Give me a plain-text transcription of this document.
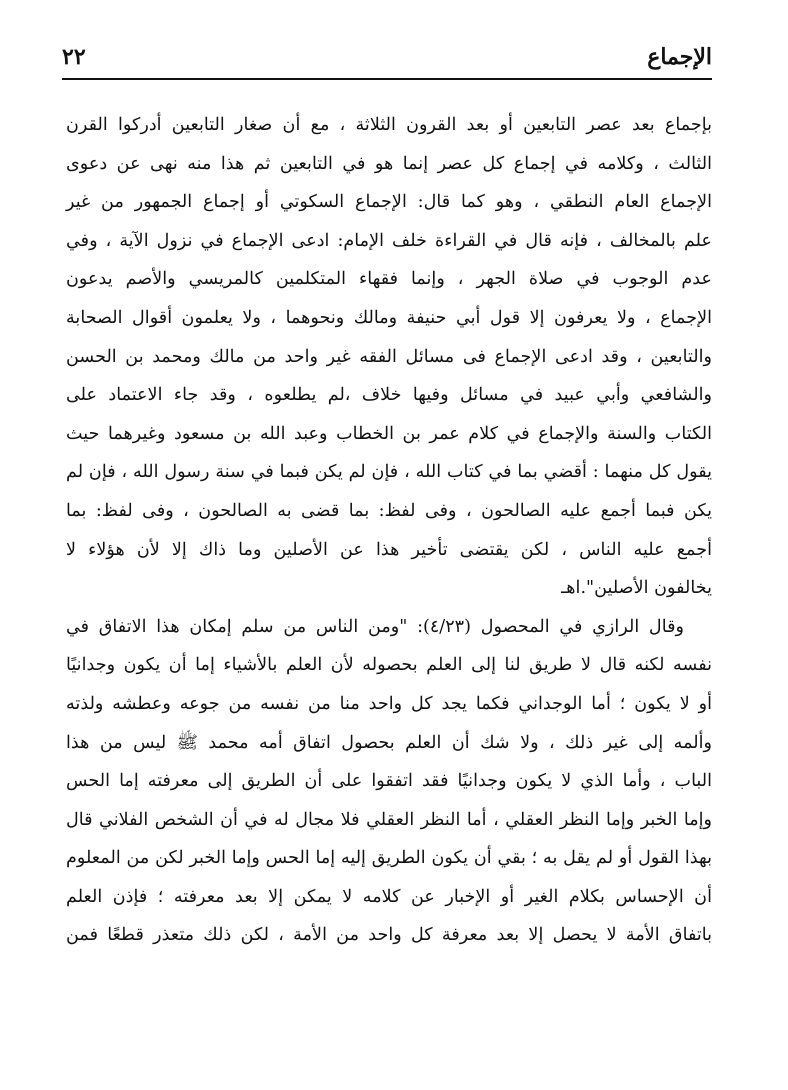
٢٢	الإجماع
بإجماع بعد عصر التابعين أو بعد القرون الثلاثة ، مع أن صغار التابعين أدركوا القرن
الثالث ، وكلامه في إجماع كل عصر إنما هو في التابعين ثم هذا منه نهى عن دعوى
الإجماع العام النطقي ، وهو كما قال: الإجماع السكوتي أو إجماع الجمهور من غير
علم بالمخالف ، فإنه قال في القراءة خلف الإمام: ادعى الإجماع في نزول الآية ، وفي
عدم الوجوب في صلاة الجهر ، وإنما فقهاء المتكلمين كالمريسي والأصم يدعون
الإجماع ، ولا يعرفون إلا قول أبي حنيفة ومالك ونحوهما ، ولا يعلمون أقوال الصحابة
والتابعين ، وقد ادعى الإجماع فى مسائل الفقه غير واحد من مالك ومحمد بن الحسن
والشافعي وأبي عبيد في مسائل وفيها خلاف ،لم يطلعوه ، وقد جاء الاعتماد على
الكتاب والسنة والإجماع في كلام عمر بن الخطاب وعبد الله بن مسعود وغيرهما حيث
يقول كل منهما : أقضي بما في كتاب الله ، فإن لم يكن فبما في سنة رسول الله ، فإن لم
يكن فبما أجمع عليه الصالحون ، وفى لفظ: بما قضى به الصالحون ، وفى لفظ: بما
أجمع عليه الناس ، لكن يقتضى تأخير هذا عن الأصلين وما ذاك إلا لأن هؤلاء لا
يخالفون الأصلين".اهـ
وقال الرازي في المحصول (٤/٢٣): "ومن الناس من سلم إمكان هذا الاتفاق في
نفسه لكنه قال لا طريق لنا إلى العلم بحصوله لأن العلم بالأشياء إما أن يكون وجدانيًا
أو لا يكون ؛ أما الوجداني فكما يجد كل واحد منا من نفسه من جوعه وعطشه ولذته
وألمه إلى غير ذلك ، ولا شك أن العلم بحصول اتفاق أمه محمد ﷺ ليس من هذا
الباب ، وأما الذي لا يكون وجدانيًا فقد اتفقوا على أن الطريق إلى معرفته إما الحس
وإما الخبر وإما النظر العقلي ، أما النظر العقلي فلا مجال له في أن الشخص الفلاني قال
بهذا القول أو لم يقل به ؛ بقي أن يكون الطريق إليه إما الحس وإما الخبر لكن من المعلوم
أن الإحساس بكلام الغير أو الإخبار عن كلامه لا يمكن إلا بعد معرفته ؛ فإذن العلم
باتفاق الأمة لا يحصل إلا بعد معرفة كل واحد من الأمة ، لكن ذلك متعذر قطعًا فمن
